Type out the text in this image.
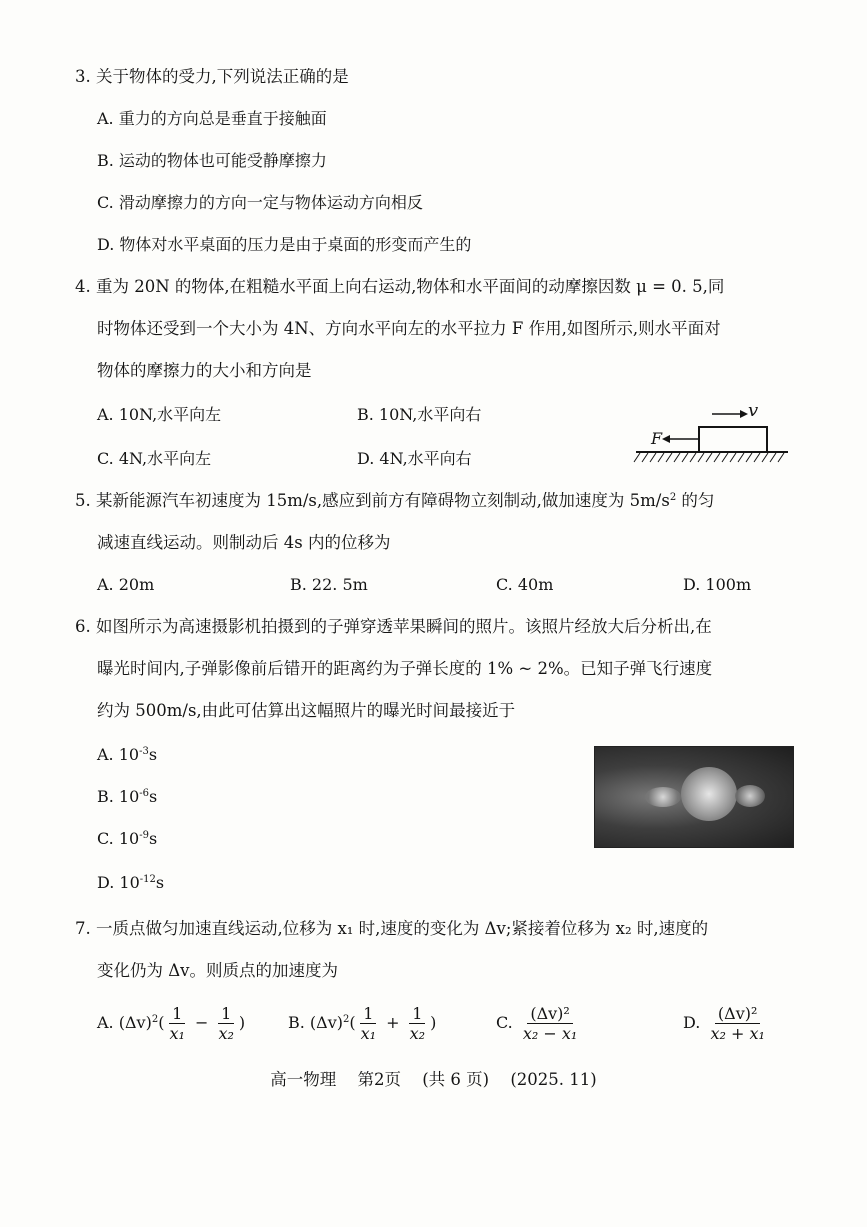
3. 关于物体的受力,下列说法正确的是
A. 重力的方向总是垂直于接触面
B. 运动的物体也可能受静摩擦力
C. 滑动摩擦力的方向一定与物体运动方向相反
D. 物体对水平桌面的压力是由于桌面的形变而产生的
4. 重为 20N 的物体,在粗糙水平面上向右运动,物体和水平面间的动摩擦因数 μ = 0. 5,同
时物体还受到一个大小为 4N、方向水平向左的水平拉力 F 作用,如图所示,则水平面对
物体的摩擦力的大小和方向是
A. 10N,水平向左	B. 10N,水平向右
C. 4N,水平向左	D. 4N,水平向右
v
F
5. 某新能源汽车初速度为 15m/s,感应到前方有障碍物立刻制动,做加速度为 $5m/s^2$ 的匀
减速直线运动。则制动后 4s 内的位移为
A. 20m	B. 22. 5m	C. 40m	D. 100m
6. 如图所示为高速摄影机拍摄到的子弹穿透苹果瞬间的照片。该照片经放大后分析出,在
曝光时间内,子弹影像前后错开的距离约为子弹长度的 1% ~ 2%。已知子弹飞行速度
约为 500m/s,由此可估算出这幅照片的曝光时间最接近于
A. $10^{-3}s$
B. $10^{-6}s$
C. $10^{-9}s$
D. $10^{-12}s$
7. 一质点做匀加速直线运动,位移为 x₁ 时,速度的变化为 Δv;紧接着位移为 x₂ 时,速度的
变化仍为 Δv。则质点的加速度为
A. $(\Delta v)^2( \frac{1}{\text{x₁}} - \frac{1}{\text{x₂}}$ )	B. $(\Delta v)^2( \frac{1}{\text{x₁}} + \frac{1}{\text{x₂}}$ )	C. $\frac{\text{(Δv)²}}{\text{x₂ − x₁}}$	D. $\frac{\text{(Δv)²}}{\text{x₂ + x₁}}$
高一物理 第2页 (共 6 页) (2025. 11)
